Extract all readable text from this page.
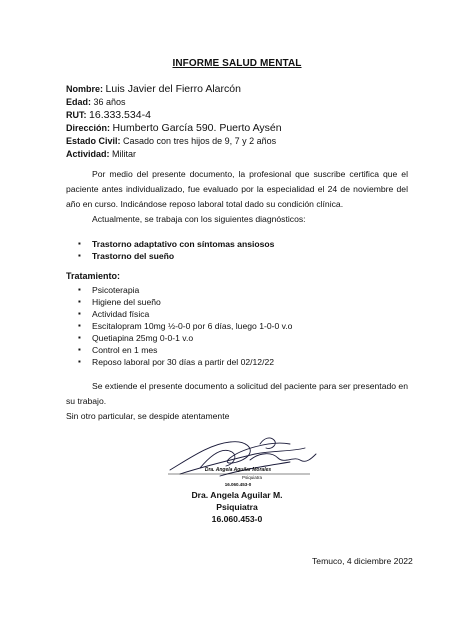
INFORME SALUD MENTAL
Nombre: Luis Javier del Fierro Alarcón
Edad: 36 años
RUT: 16.333.534-4
Dirección: Humberto García 590. Puerto Aysén
Estado Civil: Casado con tres hijos de 9, 7 y 2 años
Actividad: Militar
Por medio del presente documento, la profesional que suscribe certifica que el paciente antes individualizado, fue evaluado por la especialidad el 24 de noviembre del año en curso. Indicándose reposo laboral total dado su condición clínica.
Actualmente, se trabaja con los siguientes diagnósticos:
▪ Trastorno adaptativo con síntomas ansiosos
▪ Trastorno del sueño
Tratamiento:
▪ Psicoterapia
▪ Higiene del sueño
▪ Actividad física
▪ Escitalopram 10mg ½-0-0 por 6 días, luego 1-0-0 v.o
▪ Quetiapina 25mg 0-0-1 v.o
▪ Control en 1 mes
▪ Reposo laboral por 30 días a partir del 02/12/22
Se extiende el presente documento a solicitud del paciente para ser presentado en su trabajo.
Sin otro particular, se despide atentamente
Dra. Angela Aguilar Morales
Psiquiatra
16.060.453-0
Dra. Angela Aguilar M.
Psiquiatra
16.060.453-0
Temuco, 4 diciembre 2022
